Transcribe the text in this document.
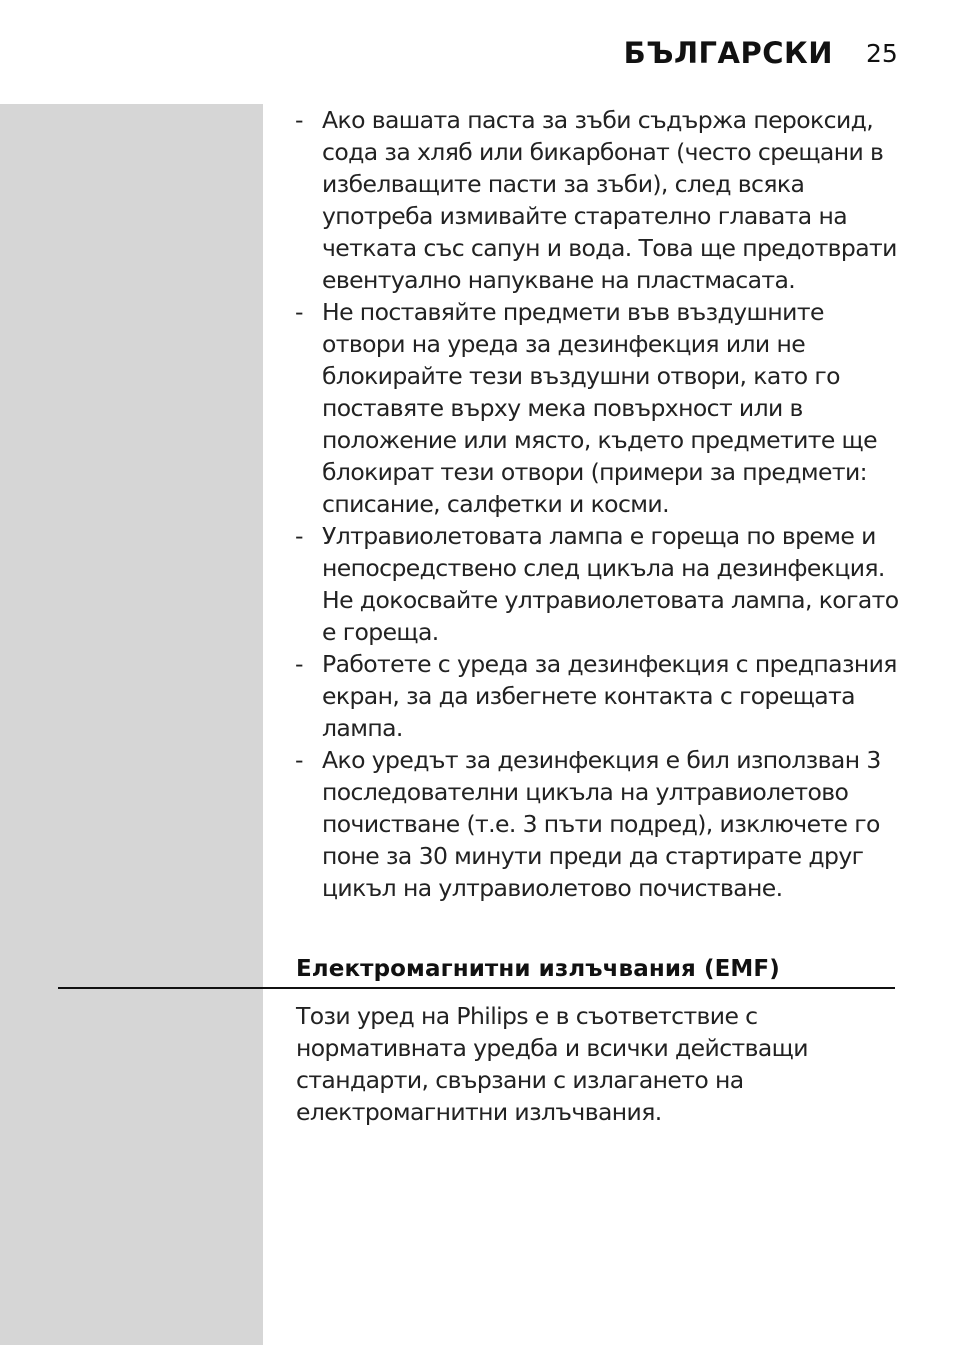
БЪЛГАРСКИ 25
- Ако вашата паста за зъби съдържа пероксид, сода за хляб или бикарбонат (често срещани в избелващите пасти за зъби), след всяка употреба измивайте старателно главата на четката със сапун и вода. Това ще предотврати евентуално напукване на пластмасата.
- Не поставяйте предмети във въздушните отвори на уреда за дезинфекция или не блокирайте тези въздушни отвори, като го поставяте върху мека повърхност или в положение или място, където предметите ще блокират тези отвори (примери за предмети: списание, салфетки и косми.
- Ултравиолетовата лампа е гореща по време и непосредствено след цикъла на дезинфекция. Не докосвайте ултравиолетовата лампа, когато е гореща.
- Работете с уреда за дезинфекция с предпазния екран, за да избегнете контакта с горещата лампа.
- Ако уредът за дезинфекция е бил използван 3 последователни цикъла на ултравиолетово почистване (т.е. 3 пъти подред), изключете го поне за 30 минути преди да стартирате друг цикъл на ултравиолетово почистване.
Електромагнитни излъчвания (EMF)

Този уред на Philips е в съответствие с нормативната уредба и всички действащи стандарти, свързани с излагането на електромагнитни излъчвания.
